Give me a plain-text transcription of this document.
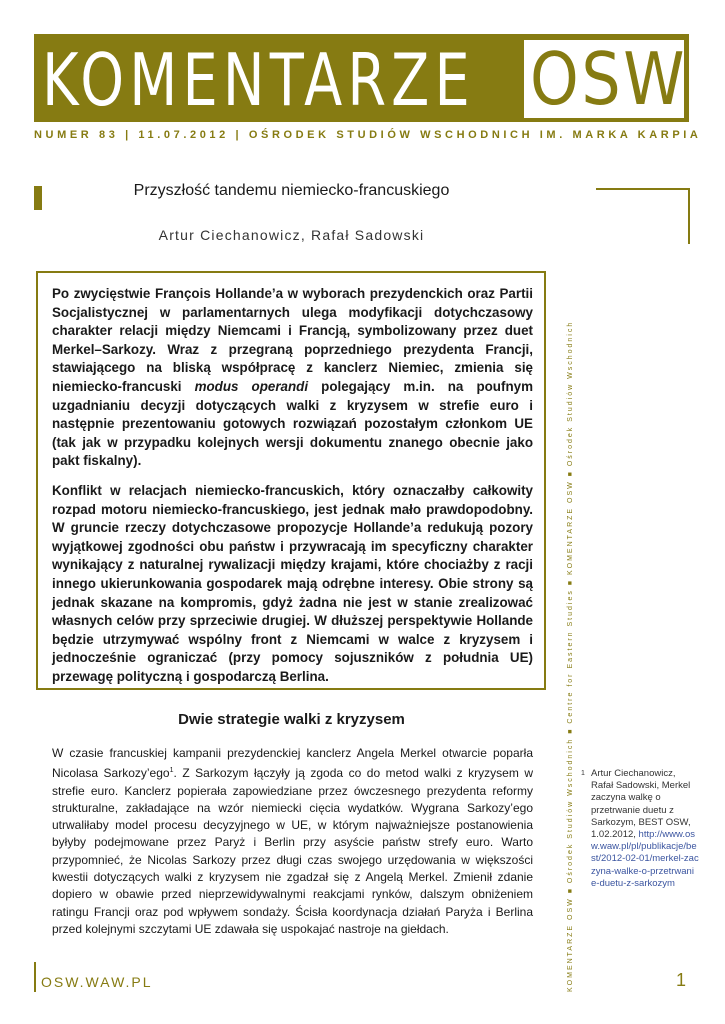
KOMENTARZE OSW
NUMER 83 | 11.07.2012 | OŚRODEK STUDIÓW WSCHODNICH IM. MARKA KARPIA
Przyszłość tandemu niemiecko-francuskiego
Artur Ciechanowicz, Rafał Sadowski

Po zwycięstwie François Hollande’a w wyborach prezydenckich oraz Partii Socjalistycznej w parlamentarnych ulega modyfikacji dotychczasowy charakter relacji między Niemcami i Francją, symbolizowany przez duet Merkel–Sarkozy. Wraz z przegraną poprzedniego prezydenta Francji, stawiającego na bliską współpracę z kanclerz Niemiec, zmienia się niemiecko-francuski modus operandi polegający m.in. na poufnym uzgadnianiu decyzji dotyczących walki z kryzysem w strefie euro i następnie prezentowaniu gotowych rozwiązań pozostałym członkom UE (tak jak w przypadku kolejnych wersji dokumentu znanego obecnie jako pakt fiskalny).

Konflikt w relacjach niemiecko-francuskich, który oznaczałby całkowity rozpad motoru niemiecko-francuskiego, jest jednak mało prawdopodobny. W gruncie rzeczy dotychczasowe propozycje Hollande’a redukują pozory wyjątkowej zgodności obu państw i przywracają im specyficzny charakter wynikający z naturalnej rywalizacji między krajami, które chociażby z racji innego ukierunkowania gospodarek mają odrębne interesy. Obie strony są jednak skazane na kompromis, gdyż żadna nie jest w stanie zrealizować własnych celów przy sprzeciwie drugiej. W dłuższej perspektywie Hollande będzie utrzymywać wspólny front z Niemcami w walce z kryzysem i jednocześnie ograniczać (przy pomocy sojuszników z południa UE) przewagę polityczną i gospodarczą Berlina.

Dwie strategie walki z kryzysem

W czasie francuskiej kampanii prezydenckiej kanclerz Angela Merkel otwarcie poparła Nicolasa Sarkozy’ego$^1$. Z Sarkozym łączyły ją zgoda co do metod walki z kryzysem w strefie euro. Kanclerz popierała zapowiedziane przez ówczesnego prezydenta reformy strukturalne, zakładające na wzór niemiecki cięcia wydatków. Wygrana Sarkozy’ego utrwaliłaby model procesu decyzyjnego w UE, w którym najważniejsze postanowienia byłyby podejmowane przez Paryż i Berlin przy asyście państw strefy euro. Warto przypomnieć, że Nicolas Sarkozy przez długi czas swojego urzędowania w większości kwestii dotyczących walki z kryzysem nie zgadzał się z Angelą Merkel. Zmienił zdanie dopiero w obawie przed nieprzewidywalnymi reakcjami rynków, dalszym obniżeniem ratingu Francji oraz pod wpływem sondaży. Ścisła koordynacja działań Paryża i Berlina przed kolejnymi szczytami UE zdawała się uspokajać nastroje na giełdach.

1 Artur Ciechanowicz, Rafał Sadowski, Merkel zaczyna walkę o przetrwanie duetu z Sarkozym, BEST OSW, 1.02.2012, http://www.osw.waw.pl/pl/publikacje/best/2012-02-01/merkel-zaczyna-walke-o-przetrwanie-duetu-z-sarkozym
KOMENTARZE OSW ■ Ośrodek Studiów Wschodnich ■ Centre for Eastern Studies ■ KOMENTARZE OSW ■ Ośrodek Studiów Wschodnich
OSW.WAW.PL	1
